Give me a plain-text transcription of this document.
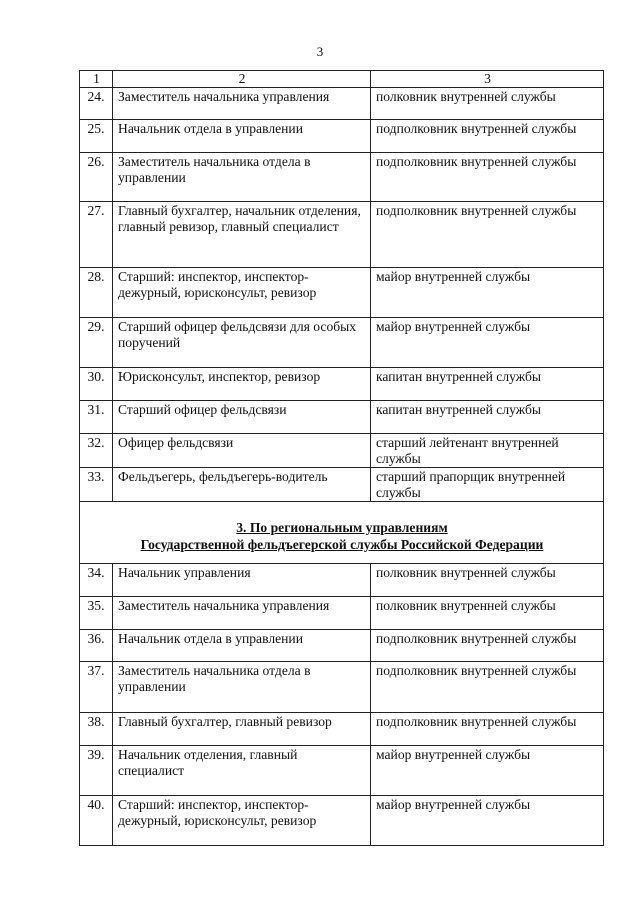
3
1	2	3
24.	Заместитель начальника управления	полковник внутренней службы
25.	Начальник отдела в управлении	подполковник внутренней службы
26.	Заместитель начальника отдела в управлении	подполковник внутренней службы
27.	Главный бухгалтер, начальник отделения, главный ревизор, главный специалист	подполковник внутренней службы
28.	Старший: инспектор, инспектор-дежурный, юрисконсульт, ревизор	майор внутренней службы
29.	Старший офицер фельдсвязи для особых поручений	майор внутренней службы
30.	Юрисконсульт, инспектор, ревизор	капитан внутренней службы
31.	Старший офицер фельдсвязи	капитан внутренней службы
32.	Офицер фельдсвязи	старший лейтенант внутренней службы
33.	Фельдъегерь, фельдъегерь-водитель	старший прапорщик внутренней службы

3. По региональным управлениям
Государственной фельдъегерской службы Российской Федерации		

34.	Начальник управления	полковник внутренней службы
35.	Заместитель начальника управления	полковник внутренней службы
36.	Начальник отдела в управлении	подполковник внутренней службы
37.	Заместитель начальника отдела в управлении	подполковник внутренней службы
38.	Главный бухгалтер, главный ревизор	подполковник внутренней службы
39.	Начальник отделения, главный специалист	майор внутренней службы
40.	Старший: инспектор, инспектор-дежурный, юрисконсульт, ревизор	майор внутренней службы
